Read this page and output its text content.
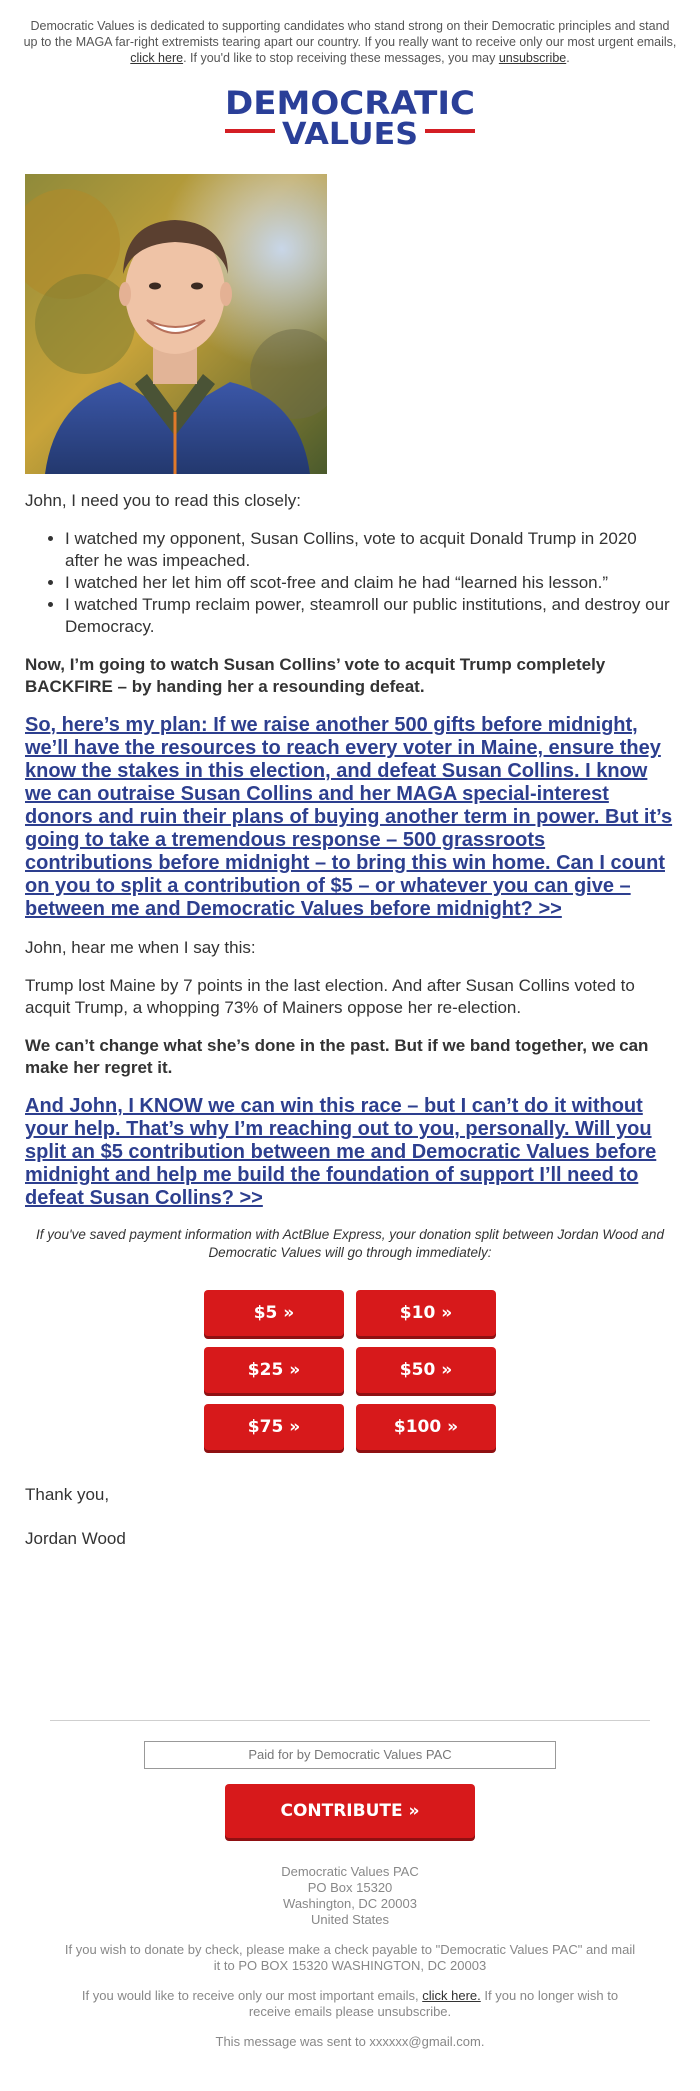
Democratic Values is dedicated to supporting candidates who stand strong on their Democratic principles and stand up to the MAGA far-right extremists tearing apart our country. If you really want to receive only our most urgent emails, click here. If you'd like to stop receiving these messages, you may unsubscribe.
DEMOCRATIC
VALUES

John, I need you to read this closely:

• I watched my opponent, Susan Collins, vote to acquit Donald Trump in 2020 after he was impeached.
• I watched her let him off scot-free and claim he had “learned his lesson.”
• I watched Trump reclaim power, steamroll our public institutions, and destroy our Democracy.

Now, I’m going to watch Susan Collins’ vote to acquit Trump completely BACKFIRE – by handing her a resounding defeat.

So, here’s my plan: If we raise another 500 gifts before midnight, we’ll have the resources to reach every voter in Maine, ensure they know the stakes in this election, and defeat Susan Collins. I know we can outraise Susan Collins and her MAGA special-interest donors and ruin their plans of buying another term in power. But it’s going to take a tremendous response – 500 grassroots contributions before midnight – to bring this win home. Can I count on you to split a contribution of $5 – or whatever you can give – between me and Democratic Values before midnight? >>

John, hear me when I say this:

Trump lost Maine by 7 points in the last election. And after Susan Collins voted to acquit Trump, a whopping 73% of Mainers oppose her re-election.

We can’t change what she’s done in the past. But if we band together, we can make her regret it.

And John, I KNOW we can win this race – but I can’t do it without your help. That’s why I’m reaching out to you, personally. Will you split an $5 contribution between me and Democratic Values before midnight and help me build the foundation of support I’ll need to defeat Susan Collins? >>

If you've saved payment information with ActBlue Express, your donation split between Jordan Wood and Democratic Values will go through immediately:
$5 »	$10 »
$25 »	$50 »
$75 »	$100 »

Thank you,

Jordan Wood

Paid for by Democratic Values PAC
CONTRIBUTE »
Democratic Values PAC
PO Box 15320
Washington, DC 20003
United States
If you wish to donate by check, please make a check payable to "Democratic Values PAC" and mail it to PO BOX 15320 WASHINGTON, DC 20003
If you would like to receive only our most important emails, click here. If you no longer wish to receive emails please unsubscribe.
This message was sent to xxxxxx@gmail.com.
